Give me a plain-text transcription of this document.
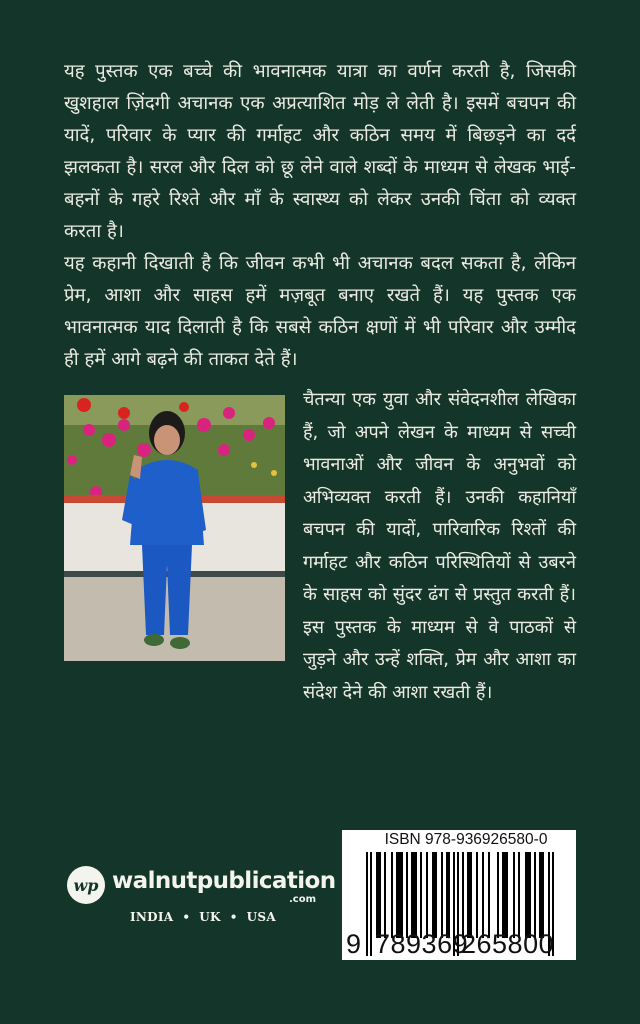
यह पुस्तक एक बच्चे की भावनात्मक यात्रा का वर्णन करती है, जिसकी खुशहाल ज़िंदगी अचानक एक अप्रत्याशित मोड़ ले लेती है। इसमें बचपन की यादें, परिवार के प्यार की गर्माहट और कठिन समय में बिछड़ने का दर्द झलकता है। सरल और दिल को छू लेने वाले शब्दों के माध्यम से लेखक भाई-बहनों के गहरे रिश्ते और माँ के स्वास्थ्य को लेकर उनकी चिंता को व्यक्त करता है।

यह कहानी दिखाती है कि जीवन कभी भी अचानक बदल सकता है, लेकिन प्रेम, आशा और साहस हमें मज़बूत बनाए रखते हैं। यह पुस्तक एक भावनात्मक याद दिलाती है कि सबसे कठिन क्षणों में भी परिवार और उम्मीद ही हमें आगे बढ़ने की ताकत देते हैं।

चैतन्या एक युवा और संवेदनशील लेखिका हैं, जो अपने लेखन के माध्यम से सच्ची भावनाओं और जीवन के अनुभवों को अभिव्यक्त करती हैं। उनकी कहानियाँ बचपन की यादों, पारिवारिक रिश्तों की गर्माहट और कठिन परिस्थितियों से उबरने के साहस को सुंदर ढंग से प्रस्तुत करती हैं। इस पुस्तक के माध्यम से वे पाठकों से जुड़ने और उन्हें शक्ति, प्रेम और आशा का संदेश देने की आशा रखती हैं।

wp walnutpublication
.com
INDIA  •  UK  •  USA
ISBN 978-936926580-0
9 789369
265800
